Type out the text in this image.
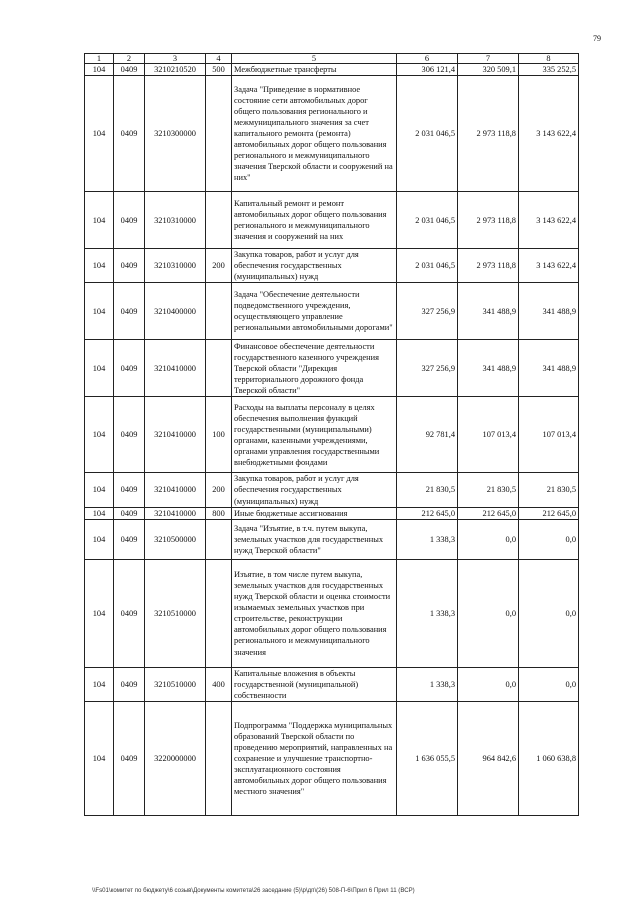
79
1	2	3	4	5	6	7	8
104	0409	3210210520	500	Межбюджетные трансферты	306 121,4	320 509,1	335 252,5
104	0409	3210300000		Задача "Приведение в нормативное состояние сети автомобильных дорог общего пользования регионального и межмуниципального значения за счет капитального ремонта (ремонта) автомобильных дорог общего пользования регионального и межмуниципального значения Тверской области и сооружений на них"	2 031 046,5	2 973 118,8	3 143 622,4
104	0409	3210310000		Капитальный ремонт и ремонт автомобильных дорог общего пользования регионального и межмуниципального значения и сооружений на них	2 031 046,5	2 973 118,8	3 143 622,4
104	0409	3210310000	200	Закупка товаров, работ и услуг для обеспечения государственных (муниципальных) нужд	2 031 046,5	2 973 118,8	3 143 622,4
104	0409	3210400000		Задача "Обеспечение деятельности подведомственного учреждения, осуществляющего управление региональными автомобильными дорогами"	327 256,9	341 488,9	341 488,9
104	0409	3210410000		Финансовое обеспечение деятельности государственного казенного учреждения Тверской области "Дирекция территориального дорожного фонда Тверской области"	327 256,9	341 488,9	341 488,9
104	0409	3210410000	100	Расходы на выплаты персоналу в целях обеспечения выполнения функций государственными (муниципальными) органами, казенными учреждениями, органами управления государственными внебюджетными фондами	92 781,4	107 013,4	107 013,4
104	0409	3210410000	200	Закупка товаров, работ и услуг для обеспечения государственных (муниципальных) нужд	21 830,5	21 830,5	21 830,5
104	0409	3210410000	800	Иные бюджетные ассигнования	212 645,0	212 645,0	212 645,0
104	0409	3210500000		Задача "Изъятие, в т.ч. путем выкупа, земельных участков для государственных нужд Тверской области"	1 338,3	0,0	0,0
104	0409	3210510000		Изъятие, в том числе путем выкупа, земельных участков для государственных нужд Тверской области и оценка стоимости изымаемых земельных участков при строительстве, реконструкции автомобильных дорог общего пользования регионального и межмуниципального значения	1 338,3	0,0	0,0
104	0409	3210510000	400	Капитальные вложения в объекты государственной (муниципальной) собственности	1 338,3	0,0	0,0
104	0409	3220000000		Подпрограмма "Поддержка муниципальных образований Тверской области по проведению мероприятий, направленных на сохранение и улучшение транспортно-эксплуатационного состояния автомобильных дорог общего пользования местного значения"	1 636 055,5	964 842,6	1 060 638,8
\\Fs01\комитет по бюджету\6 созыв\Документы комитета\26 заседание (5)\р\дп\(26) 508-П-6\Прил 6 Прил 11 (ВСР)
